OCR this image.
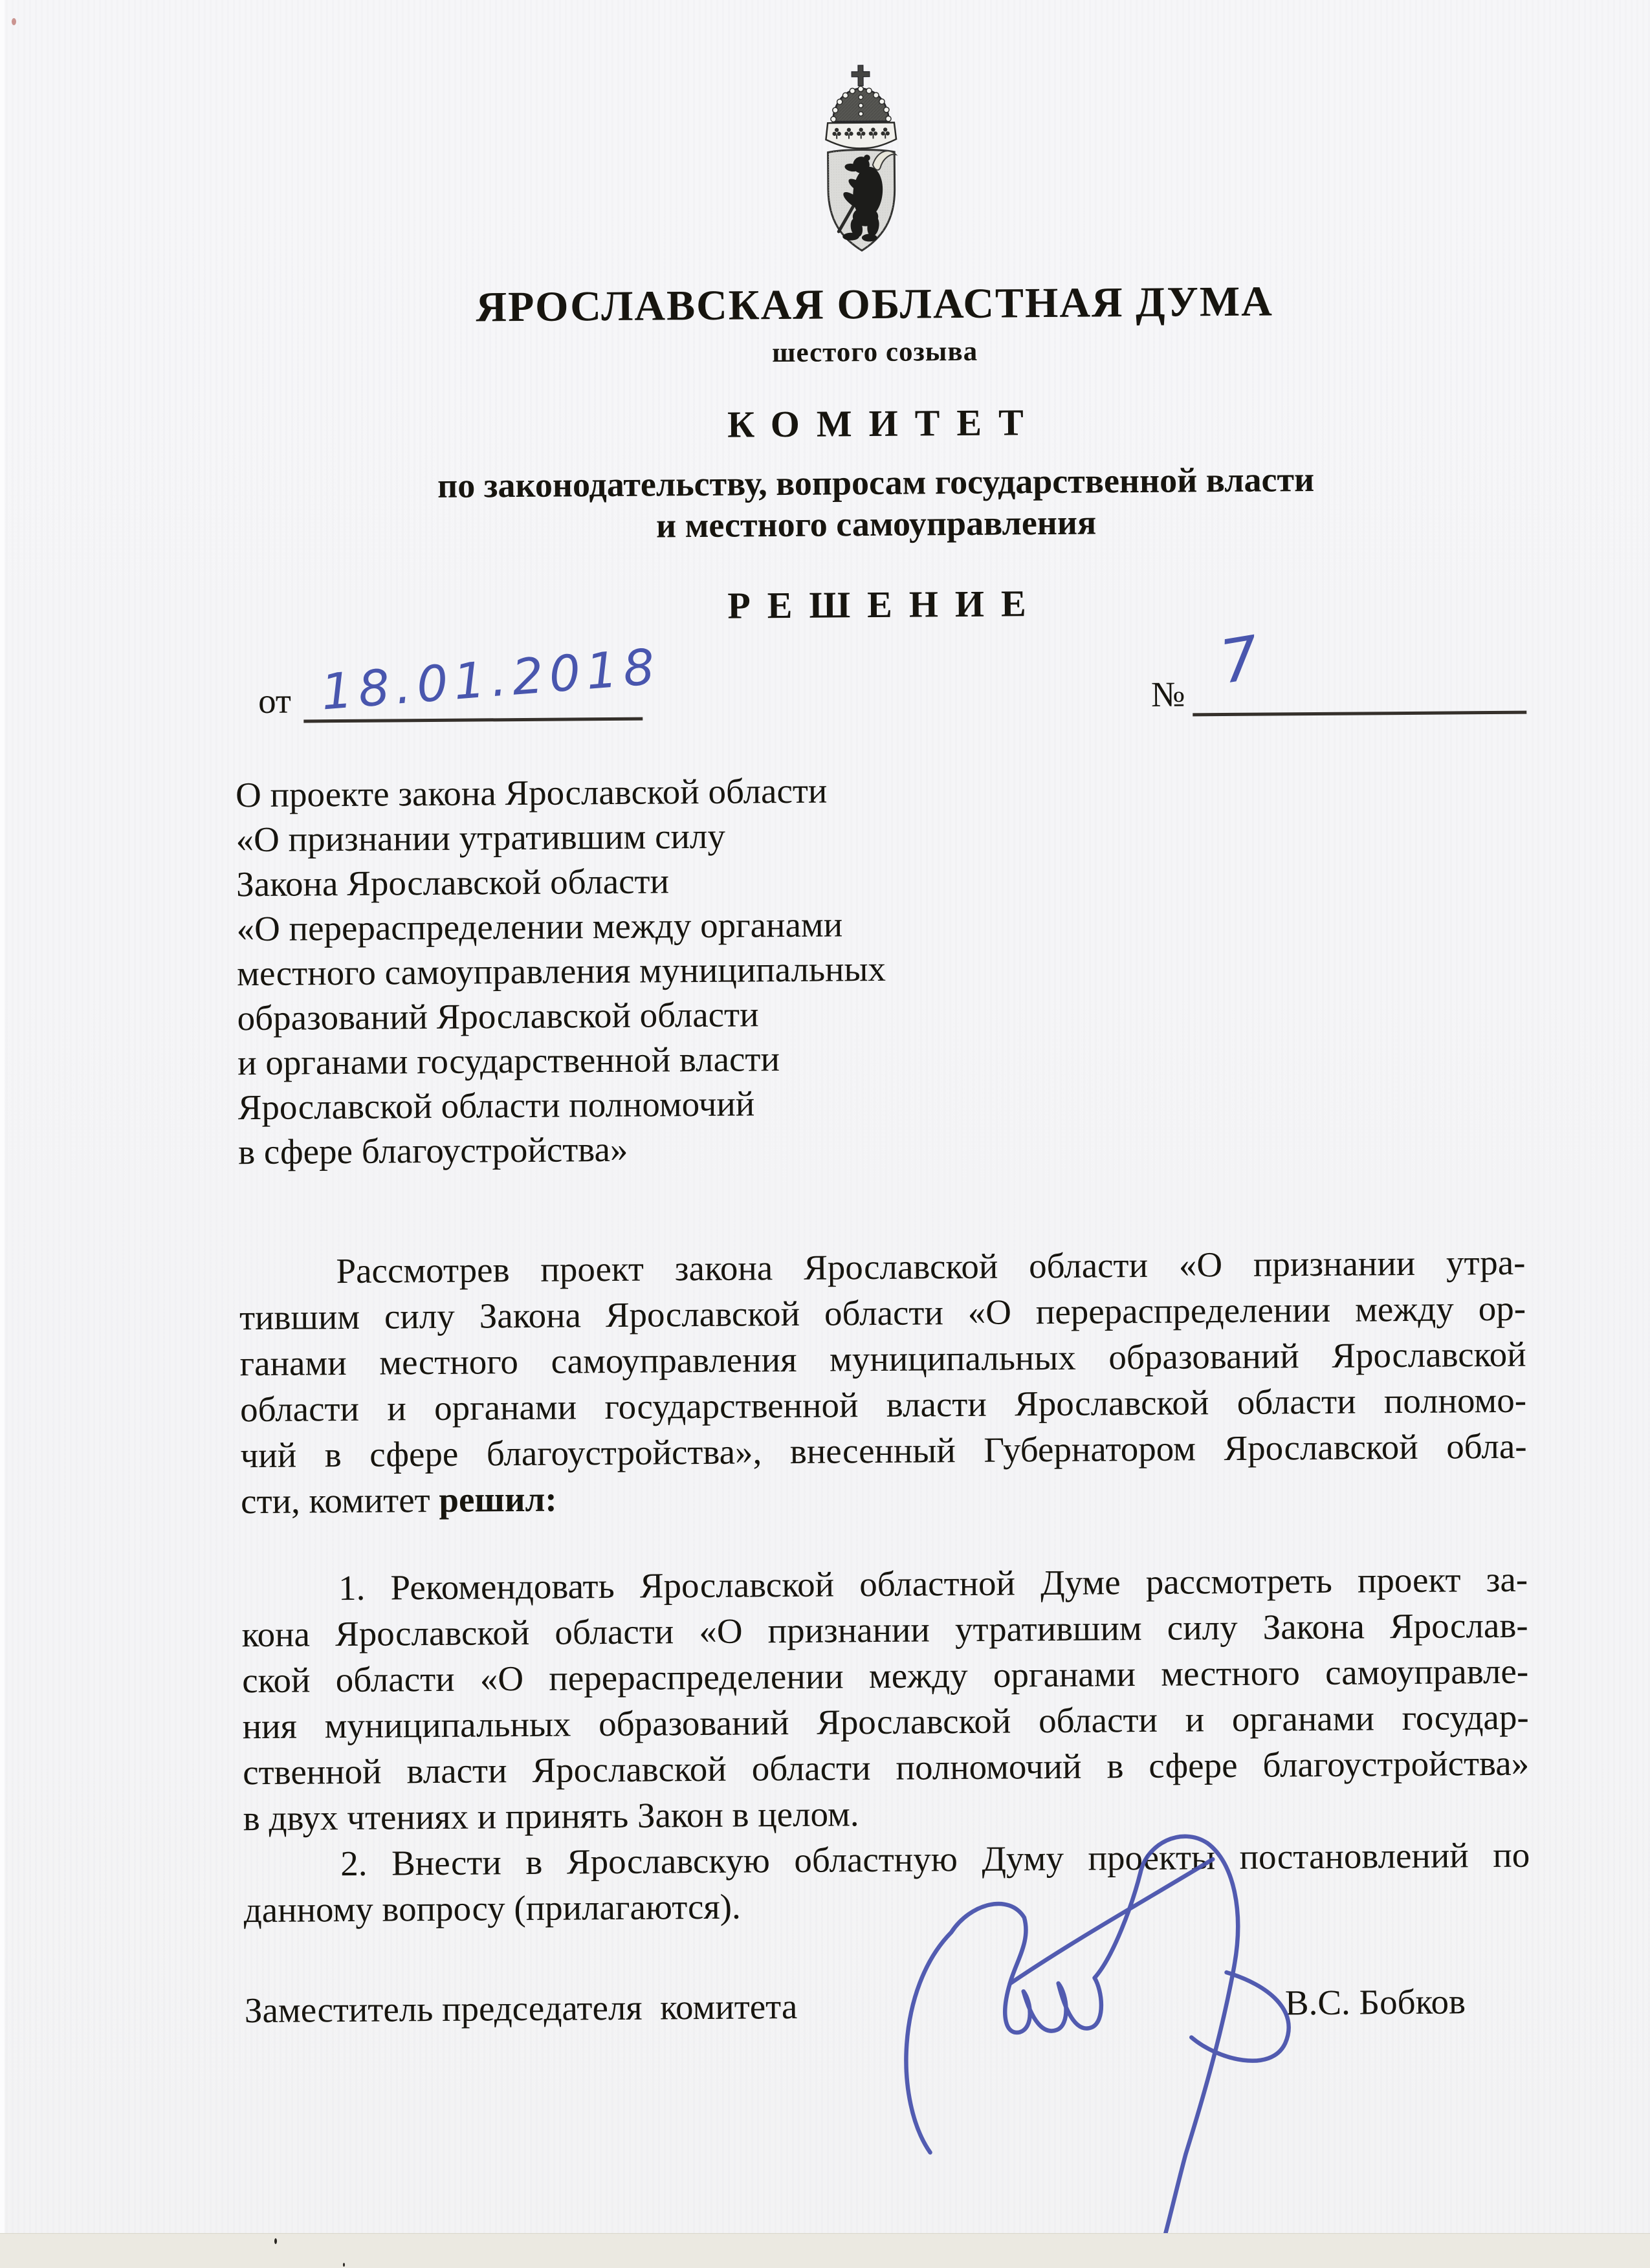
ЯРОСЛАВСКАЯ ОБЛАСТНАЯ ДУМА
шестого созыва
КОМИТЕТ
по законодательству, вопросам государственной власти
и местного самоуправления
РЕШЕНИЕ
от 18.01.2018	№ 7
О проекте закона Ярославской области
«О признании утратившим силу
Закона Ярославской области
«О перераспределении между органами
местного самоуправления муниципальных
образований Ярославской области
и органами государственной власти
Ярославской области полномочий
в сфере благоустройства»
Рассмотрев проект закона Ярославской области «О признании утра-
тившим силу Закона Ярославской области «О перераспределении между ор-
ганами местного самоуправления муниципальных образований Ярославской
области и органами государственной власти Ярославской области полномо-
чий в сфере благоустройства», внесенный Губернатором Ярославской обла-
сти, комитет решил:
1. Рекомендовать Ярославской областной Думе рассмотреть проект за-
кона Ярославской области «О признании утратившим силу Закона Ярослав-
ской области «О перераспределении между органами местного самоуправле-
ния муниципальных образований Ярославской области и органами государ-
ственной власти Ярославской области полномочий в сфере благоустройства»
в двух чтениях и принять Закон в целом.
2. Внести в Ярославскую областную Думу проекты постановлений по
данному вопросу (прилагаются).
Заместитель председателя  комитета	В.С. Бобков
